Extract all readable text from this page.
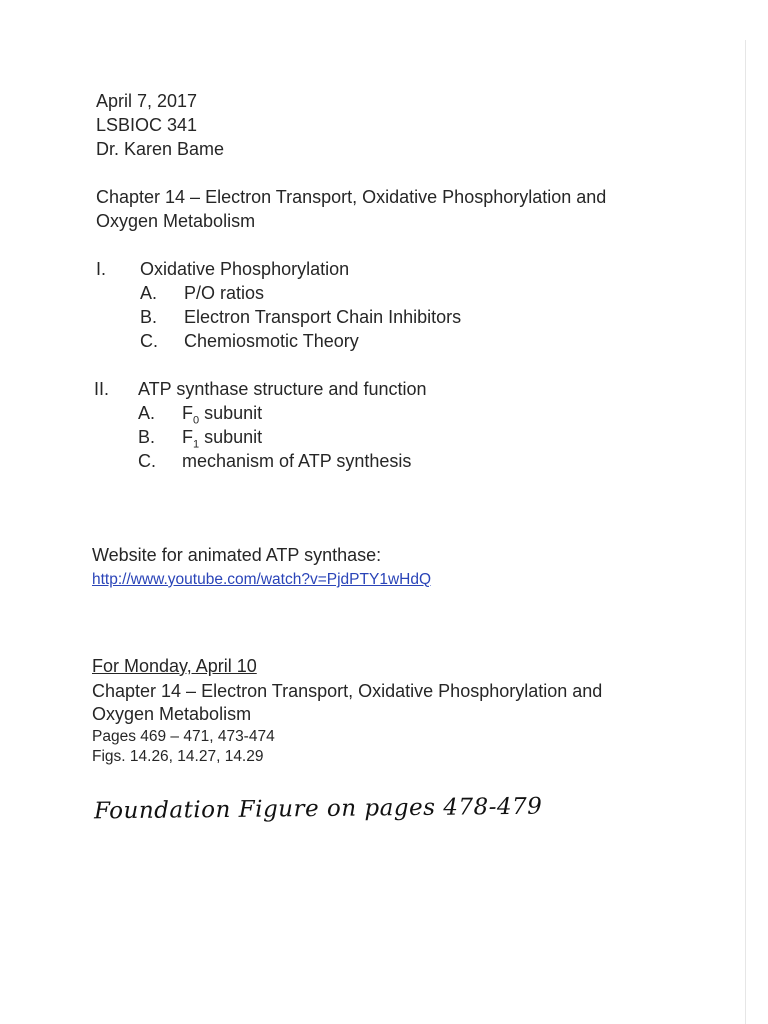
April 7, 2017
LSBIOC 341
Dr. Karen Bame
Chapter 14 – Electron Transport, Oxidative Phosphorylation and
Oxygen Metabolism
I. Oxidative Phosphorylation
A. P/O ratios
B. Electron Transport Chain Inhibitors
C. Chemiosmotic Theory
II. ATP synthase structure and function
A. $F_0$ subunit
B. $F_1$ subunit
C. mechanism of ATP synthesis
Website for animated ATP synthase:
http://www.youtube.com/watch?v=PjdPTY1wHdQ
For Monday, April 10
Chapter 14 – Electron Transport, Oxidative Phosphorylation and
Oxygen Metabolism
Pages 469 – 471, 473-474
Figs. 14.26, 14.27, 14.29
Foundation Figure on pages 478-479
